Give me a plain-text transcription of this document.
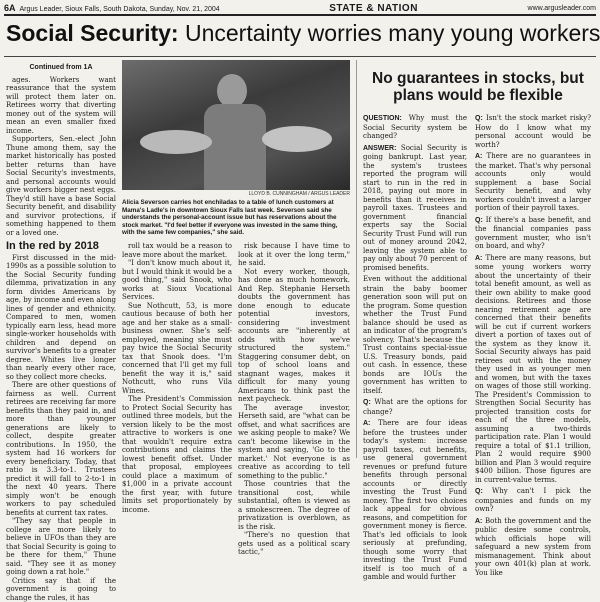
6A Argus Leader, Sioux Falls, South Dakota, Sunday, Nov. 21, 2004	STATE & NATION	www.argusleader.com
Social Security: Uncertainty worries many young workers

Continued from 1A

ages. Workers want reassurance that the system will protect them later on. Retirees worry that diverting money out of the system will mean an even smaller fixed income.

Supporters, Sen.-elect John Thune among them, say the market historically has posted better returns than have Social Security's investments, and personal accounts would give workers bigger nest eggs. They'd still have a base Social Security benefit, and disability and survivor protections, if something happened to them or a loved one.

In the red by 2018

First discussed in the mid-1990s as a possible solution to the Social Security funding dilemma, privatization in any form divides Americans by age, by income and even along lines of gender and ethnicity. Compared to men, women typically earn less, head more single-worker households with children and depend on survivor's benefits to a greater degree. Whites live longer than nearly every other race, so they collect more checks.

There are other questions of fairness as well. Current retirees are receiving far more benefits than they paid in, and more than younger generations are likely to collect, despite greater contributions. In 1950, the system had 16 workers for every beneficiary. Today, that ratio is 3.3-to-1. Trustees predict it will fall to 2-to-1 in the next 40 years. There simply won't be enough workers to pay scheduled benefits at current tax rates.

"They say that people in college are more likely to believe in UFOs than they are that Social Security is going to be there for them," Thune said. "They see it as money going down a rat hole."

Critics say that if the government is going to change the rules, it has

LLOYD B. CUNNINGHAM / ARGUS LEADER
Alicia Severson carries hot enchiladas to a table of lunch customers at Mama's Ladle's in downtown Sioux Falls last week. Severson said she understands the personal-account issue but has reservations about the stock market. "I'd feel better if everyone was invested in the same thing, with the same few companies," she said.

roll tax would be a reason to leave more about the market.

"I don't know much about it, but I would think it would be a good thing," said Snook, who works at Sioux Vocational Services.

Sue Nothcutt, 53, is more cautious because of both her age and her stake as a small-business owner. She's self-employed, meaning she must pay twice the Social Security tax that Snook does. "I'm concerned that I'll get my full benefit the way it is," said Nothcutt, who runs Vila Wines.

The President's Commission to Protect Social Security has outlined three models, but the version likely to be the most attractive to workers is one that wouldn't require extra contributions and claims the lowest benefit offset. Under that proposal, employees could place a maximum of $1,000 in a private account the first year, with future limits set proportionately by income.

risk because I have time to look at it over the long term," he said.

Not every worker, though, has done as much homework. And Rep. Stephanie Herseth doubts the government has done enough to educate potential investors, considering investment accounts are "inherently at odds with how we've structured the system." Staggering consumer debt, on top of school loans and stagnant wages, makes it difficult for many young Americans to think past the next paycheck.

The average investor, Herseth said, are "what can be offset, and what sacrifices are we asking people to make? We can't become likewise in the system and saying, 'Go to the market.' Not everyone is as creative as according to tell something to the public."

Those countries that the transitional cost, while substantial, often is viewed as a smokescreen. The degree of privatization is overblown, as is the risk.

"There's no question that gets used as a political scary tactic,"

No guarantees in stocks, but plans would be flexible

QUESTION: Why must the Social Security system be changed?

ANSWER: Social Security is going bankrupt. Last year, the system's trustees reported the program will start to run in the red in 2018, paying out more in benefits than it receives in payroll taxes. Trustees and government financial experts say the Social Security Trust Fund will run out of money around 2042, leaving the system able to pay only about 70 percent of promised benefits.

Even without the additional strain the baby boomer generation soon will put on the program. Some question whether the Trust Fund balance should be used as an indicator of the program's solvency. That's because the Trust contains special-issue U.S. Treasury bonds, paid out cash. In essence, these bonds are IOUs the government has written to itself.

Q: What are the options for change?

A: There are four ideas before the trustees under today's system: increase payroll taxes, cut benefits, use general government revenues or prefund future benefits through personal accounts or directly investing the Trust Fund money. The first two choices lack appeal for obvious reasons, and competition for government money is fierce. That's led officials to look seriously at prefunding, though some worry that investing the Trust Fund itself is too much of a gamble and would further

Q: Isn't the stock market risky? How do I know what my personal account would be worth?

A: There are no guarantees in the market. That's why personal accounts only would supplement a base Social Security benefit, and why workers couldn't invest a larger portion of their payroll taxes.

Q: If there's a base benefit, and the financial companies pass government muster, who isn't on board, and why?

A: There are many reasons, but some young workers worry about the uncertainty of their total benefit amount, as well as their own ability to make good decisions. Retirees and those nearing retirement age are concerned that their benefits will be cut if current workers divert a portion of taxes out of the system as they know it. Social Security always has paid retirees out with the money they used in as younger men and women, but with the taxes on wages of those still working. The President's Commission to Strengthen Social Security has projected transition costs for each of the three models, assuming a two-thirds participation rate. Plan 1 would require a total of $1.1 trillion, Plan 2 would require $900 billion and Plan 3 would require $400 billion. Those figures are in current-value terms.

Q: Why can't I pick the companies and funds on my own?

A: Both the government and the public desire some controls, which officials hope will safeguard a new system from mismanagement. Think about your own 401(k) plan at work. You like
